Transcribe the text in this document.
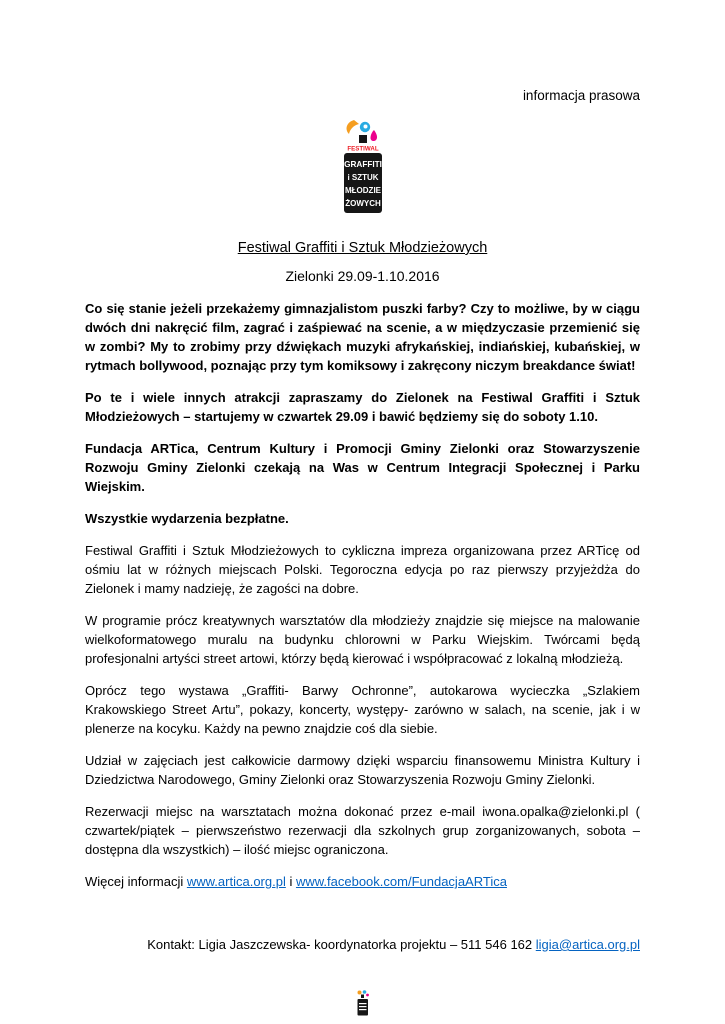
informacja prasowa
FESTIWAL
GRAFFITI
i SZTUK
MŁODZIE
ŻOWYCH
Festiwal Graffiti i Sztuk Młodzieżowych
Zielonki 29.09-1.10.2016

Co się stanie jeżeli przekażemy gimnazjalistom puszki farby? Czy to możliwe, by w ciągu dwóch dni nakręcić film, zagrać i zaśpiewać na scenie, a w międzyczasie przemienić się w zombi? My to zrobimy przy dźwiękach muzyki afrykańskiej, indiańskiej, kubańskiej, w rytmach bollywood, poznając przy tym komiksowy i zakręcony niczym breakdance świat!

Po te i wiele innych atrakcji zapraszamy do Zielonek na Festiwal Graffiti i Sztuk Młodzieżowych – startujemy w czwartek 29.09 i bawić będziemy się do soboty 1.10.

Fundacja ARTica, Centrum Kultury i Promocji Gminy Zielonki oraz Stowarzyszenie Rozwoju Gminy Zielonki czekają na Was w Centrum Integracji Społecznej i Parku Wiejskim.

Wszystkie wydarzenia bezpłatne.

Festiwal Graffiti i Sztuk Młodzieżowych to cykliczna impreza organizowana przez ARTicę od ośmiu lat w różnych miejscach Polski. Tegoroczna edycja po raz pierwszy przyjeżdża do Zielonek i mamy nadzieję, że zagości na dobre.

W programie prócz kreatywnych warsztatów dla młodzieży znajdzie się miejsce na malowanie wielkoformatowego muralu na budynku chlorowni w Parku Wiejskim. Twórcami będą profesjonalni artyści street artowi, którzy będą kierować i współpracować z lokalną młodzieżą.

Oprócz tego wystawa „Graffiti- Barwy Ochronne”, autokarowa wycieczka „Szlakiem Krakowskiego Street Artu”, pokazy, koncerty, występy- zarówno w salach, na scenie, jak i w plenerze na kocyku. Każdy na pewno znajdzie coś dla siebie.

Udział w zajęciach jest całkowicie darmowy dzięki wsparciu finansowemu Ministra Kultury i Dziedzictwa Narodowego, Gminy Zielonki oraz Stowarzyszenia Rozwoju Gminy Zielonki.

Rezerwacji miejsc na warsztatach można dokonać przez e-mail iwona.opalka@zielonki.pl ( czwartek/piątek – pierwszeństwo rezerwacji dla szkolnych grup zorganizowanych, sobota – dostępna dla wszystkich) – ilość miejsc ograniczona.

Więcej informacji www.artica.org.pl i www.facebook.com/FundacjaARTica

Kontakt: Ligia Jaszczewska- koordynatorka projektu – 511 546 162 ligia@artica.org.pl
